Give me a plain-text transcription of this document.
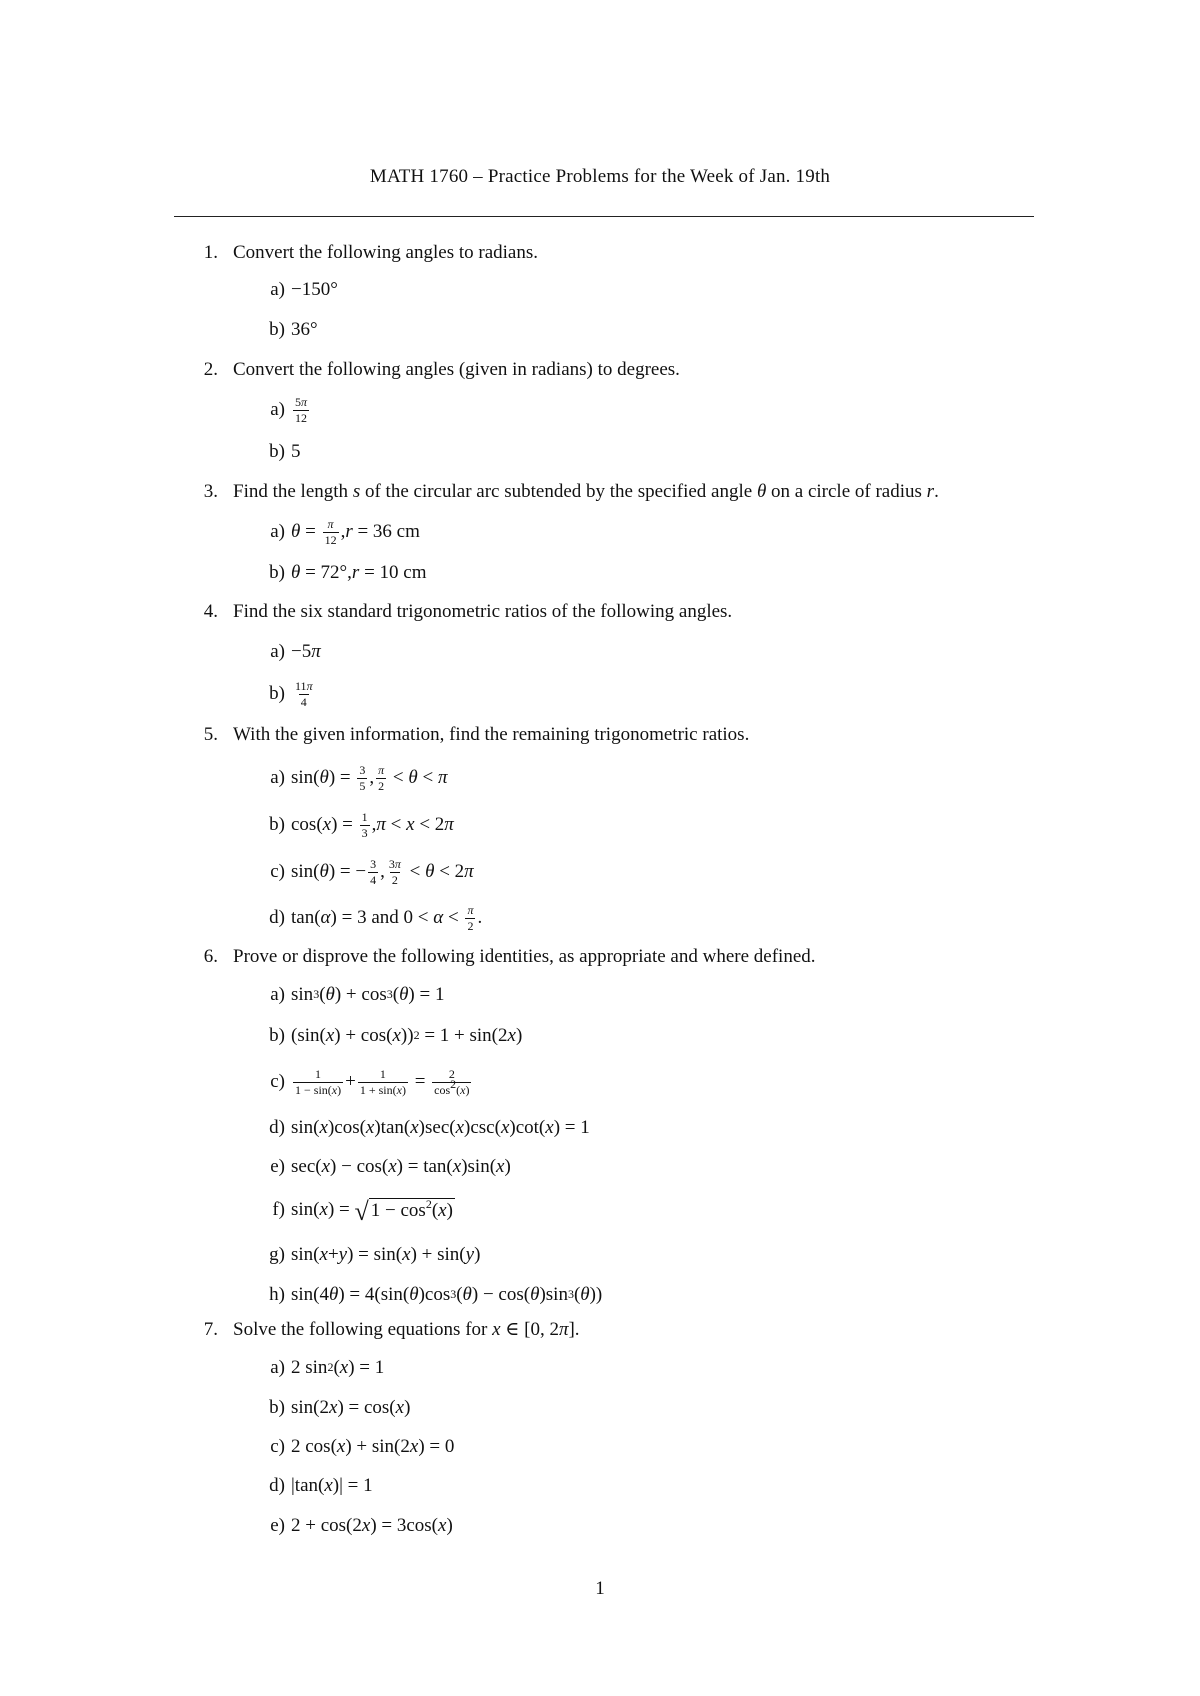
MATH 1760 – Practice Problems for the Week of Jan. 19th
1. Convert the following angles to radians.
a) −150°
b) 36°
2. Convert the following angles (given in radians) to degrees.
$a) \frac{5\pi}{12}$
b) 5
3. Find the length s of the circular arc subtended by the specified angle θ on a circle of radius r.
a) $\theta = \frac{\pi}{12}$ , r = 36 cm
b) θ = 72°, r = 10 cm
4. Find the six standard trigonometric ratios of the following angles.
a) −5 π
$b) \frac{11\pi}{4}$
5. With the given information, find the remaining trigonometric ratios.
a) sin( θ ) = $\frac{3}{5}$ , $\frac{\pi}{2} < \theta < \pi$
b) cos( x ) = $\frac{1}{3}$ , π < x < 2 π
c) sin( θ ) = − $\frac{3}{4}$ , $\frac{3\pi}{2} < \theta < 2$ π
d) tan( α ) = 3 and $0 < \alpha < \frac{\pi}{2}$ .
6. Prove or disprove the following identities, as appropriate and where defined.
a) $\sin^3$ ( θ ) + $\cos^3$ ( θ ) = 1
b) (sin( x ) + cos( x ))$^2$ = 1 + sin(2 x )
$c) \frac{1}{1 - \sin(x)} + \frac{1}{1 + \sin(x)} = \frac{2}{\cos^2(x)}$
d) sin( x )cos( x )tan( x )sec( x )csc( x )cot( x ) = 1
e) sec( x ) − cos( x ) = tan( x )sin( x )
f) sin( x ) = √ $1 - \cos^2(x)$
g) sin( x + y ) = sin( x ) + sin( y )
h) sin(4 θ ) = 4(sin( θ )$\cos^3$ ( θ ) − cos( θ )$\sin^3$ ( θ ))
7. Solve the following equations for x ∈ [0, 2π].
a) 2 $\sin^2$ ( x ) = 1
b) sin(2 x ) = cos( x )
c) 2 cos( x ) + sin(2 x ) = 0
d) |tan( x )| = 1
e) 2 + cos(2 x ) = 3cos( x )
1
